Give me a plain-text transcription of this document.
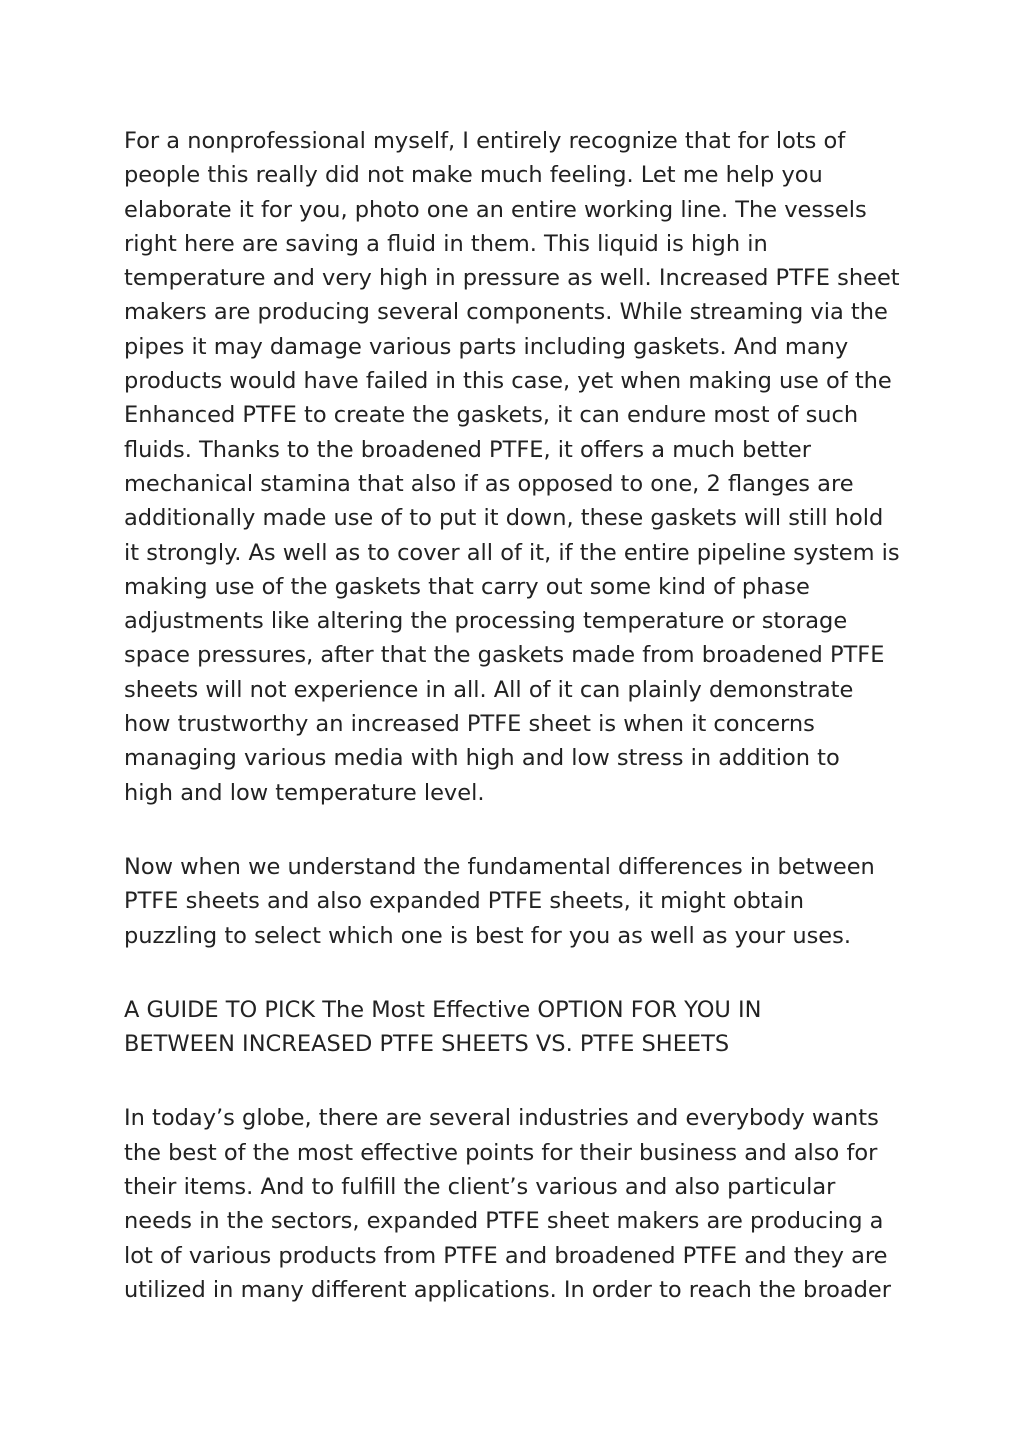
For a nonprofessional myself, I entirely recognize that for lots of
people this really did not make much feeling. Let me help you
elaborate it for you, photo one an entire working line. The vessels
right here are saving a fluid in them. This liquid is high in
temperature and very high in pressure as well. Increased PTFE sheet
makers are producing several components. While streaming via the
pipes it may damage various parts including gaskets. And many
products would have failed in this case, yet when making use of the
Enhanced PTFE to create the gaskets, it can endure most of such
fluids. Thanks to the broadened PTFE, it offers a much better
mechanical stamina that also if as opposed to one, 2 flanges are
additionally made use of to put it down, these gaskets will still hold
it strongly. As well as to cover all of it, if the entire pipeline system is
making use of the gaskets that carry out some kind of phase
adjustments like altering the processing temperature or storage
space pressures, after that the gaskets made from broadened PTFE
sheets will not experience in all. All of it can plainly demonstrate
how trustworthy an increased PTFE sheet is when it concerns
managing various media with high and low stress in addition to
high and low temperature level.

Now when we understand the fundamental differences in between
PTFE sheets and also expanded PTFE sheets, it might obtain
puzzling to select which one is best for you as well as your uses.

A GUIDE TO PICK The Most Effective OPTION FOR YOU IN
BETWEEN INCREASED PTFE SHEETS VS. PTFE SHEETS

In today’s globe, there are several industries and everybody wants
the best of the most effective points for their business and also for
their items. And to fulfill the client’s various and also particular
needs in the sectors, expanded PTFE sheet makers are producing a
lot of various products from PTFE and broadened PTFE and they are
utilized in many different applications. In order to reach the broader
